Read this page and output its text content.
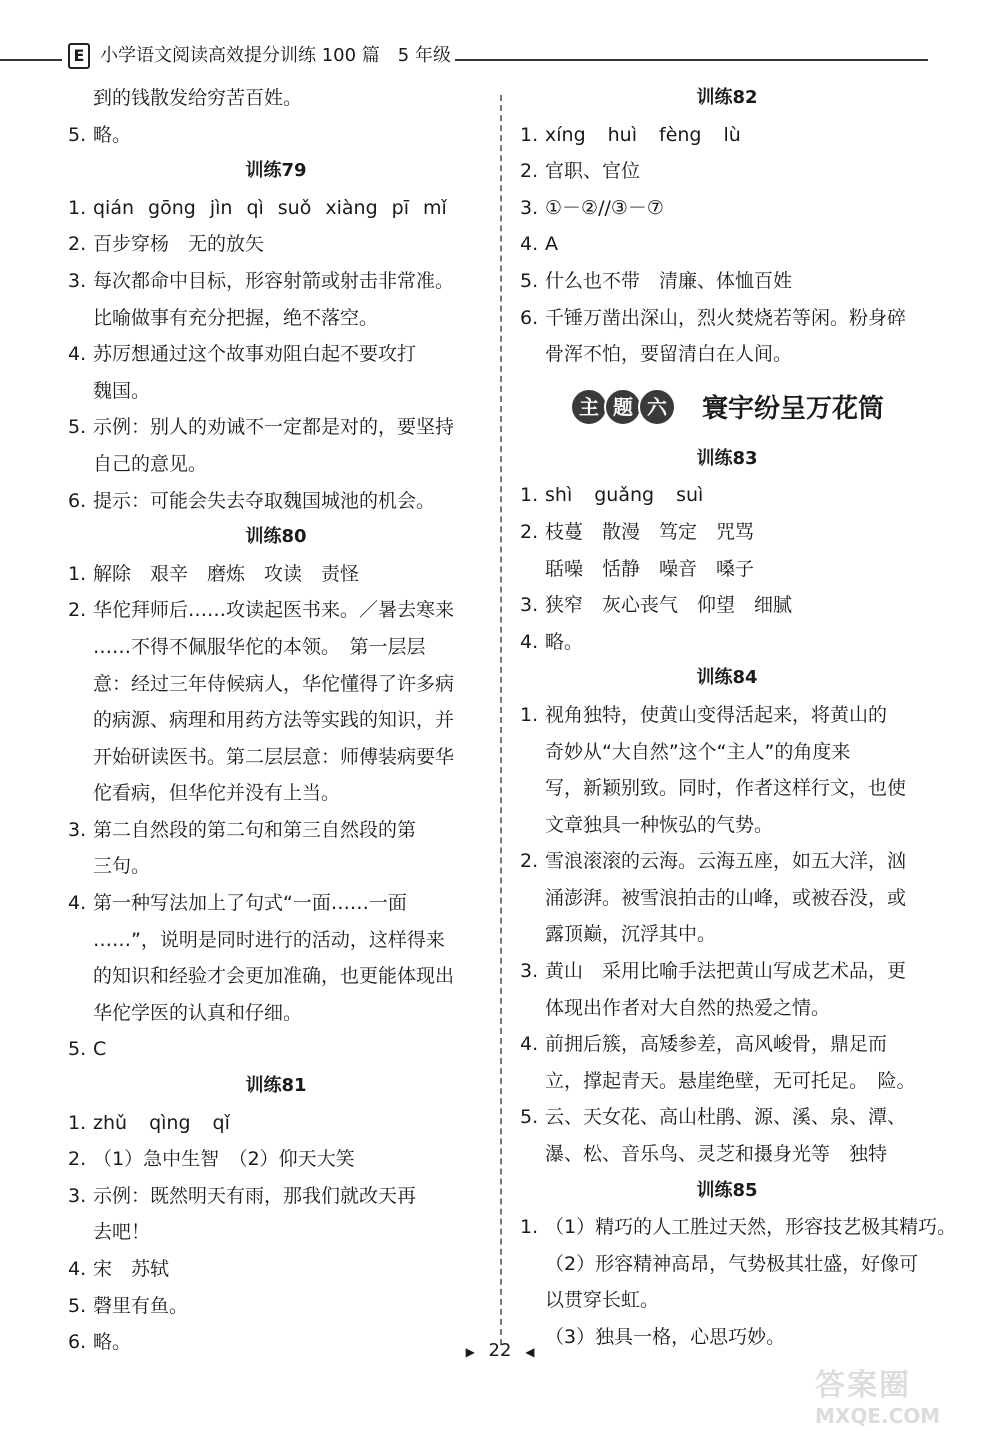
E 小学语文阅读高效提分训练 100 篇　5 年级
到的钱散发给穷苦百姓。
5. 略。
训练79
1. qián gōng jìn qì suǒ xiàng pī mǐ
2. 百步穿杨　无的放矢
3. 每次都命中目标，形容射箭或射击非常准。
比喻做事有充分把握，绝不落空。
4. 苏厉想通过这个故事劝阻白起不要攻打
魏国。
5. 示例：别人的劝诫不一定都是对的，要坚持
自己的意见。
6. 提示：可能会失去夺取魏国城池的机会。
训练80
1. 解除　艰辛　磨炼　攻读　责怪
2. 华佗拜师后……攻读起医书来。／暑去寒来
……不得不佩服华佗的本领。　第一层层
意：经过三年侍候病人，华佗懂得了许多病
的病源、病理和用药方法等实践的知识，并
开始研读医书。第二层层意：师傅装病要华
佗看病，但华佗并没有上当。
3. 第二自然段的第二句和第三自然段的第
三句。
4. 第一种写法加上了句式“一面……一面
……”，说明是同时进行的活动，这样得来
的知识和经验才会更加准确，也更能体现出
华佗学医的认真和仔细。
5. C
训练81
1. zhǔ qìng qǐ
2. （1）急中生智　（2）仰天大笑
3. 示例：既然明天有雨，那我们就改天再
去吧！
4. 宋　苏轼
5. 磬里有鱼。
6. 略。
训练82
1. xíng huì fèng lù
2. 官职、官位
3. ①－②//③－⑦
4. A
5. 什么也不带　清廉、体恤百姓
6. 千锤万凿出深山，烈火焚烧若等闲。粉身碎
骨浑不怕，要留清白在人间。
主 题 六	寰宇纷呈万花筒
训练83
1. shì guǎng suì
2. 枝蔓　散漫　笃定　咒骂
聒噪　恬静　噪音　嗓子
3. 狭窄　灰心丧气　仰望　细腻
4. 略。
训练84
1. 视角独特，使黄山变得活起来，将黄山的
奇妙从“大自然”这个“主人”的角度来
写，新颖别致。同时，作者这样行文，也使
文章独具一种恢弘的气势。
2. 雪浪滚滚的云海。云海五座，如五大洋，汹
涌澎湃。被雪浪拍击的山峰，或被吞没，或
露顶巅，沉浮其中。
3. 黄山　采用比喻手法把黄山写成艺术品，更
体现出作者对大自然的热爱之情。
4. 前拥后簇，高矮参差，高风峻骨，鼎足而
立，撑起青天。悬崖绝壁，无可托足。　险。
5. 云、天女花、高山杜鹃、源、溪、泉、潭、
瀑、松、音乐鸟、灵芝和摄身光等　独特
训练85
1. （1）精巧的人工胜过天然，形容技艺极其精巧。
（2）形容精神高昂，气势极其壮盛，好像可
以贯穿长虹。
（3）独具一格，心思巧妙。
▶ 22 ◀
答案圈
MXQE.COM
